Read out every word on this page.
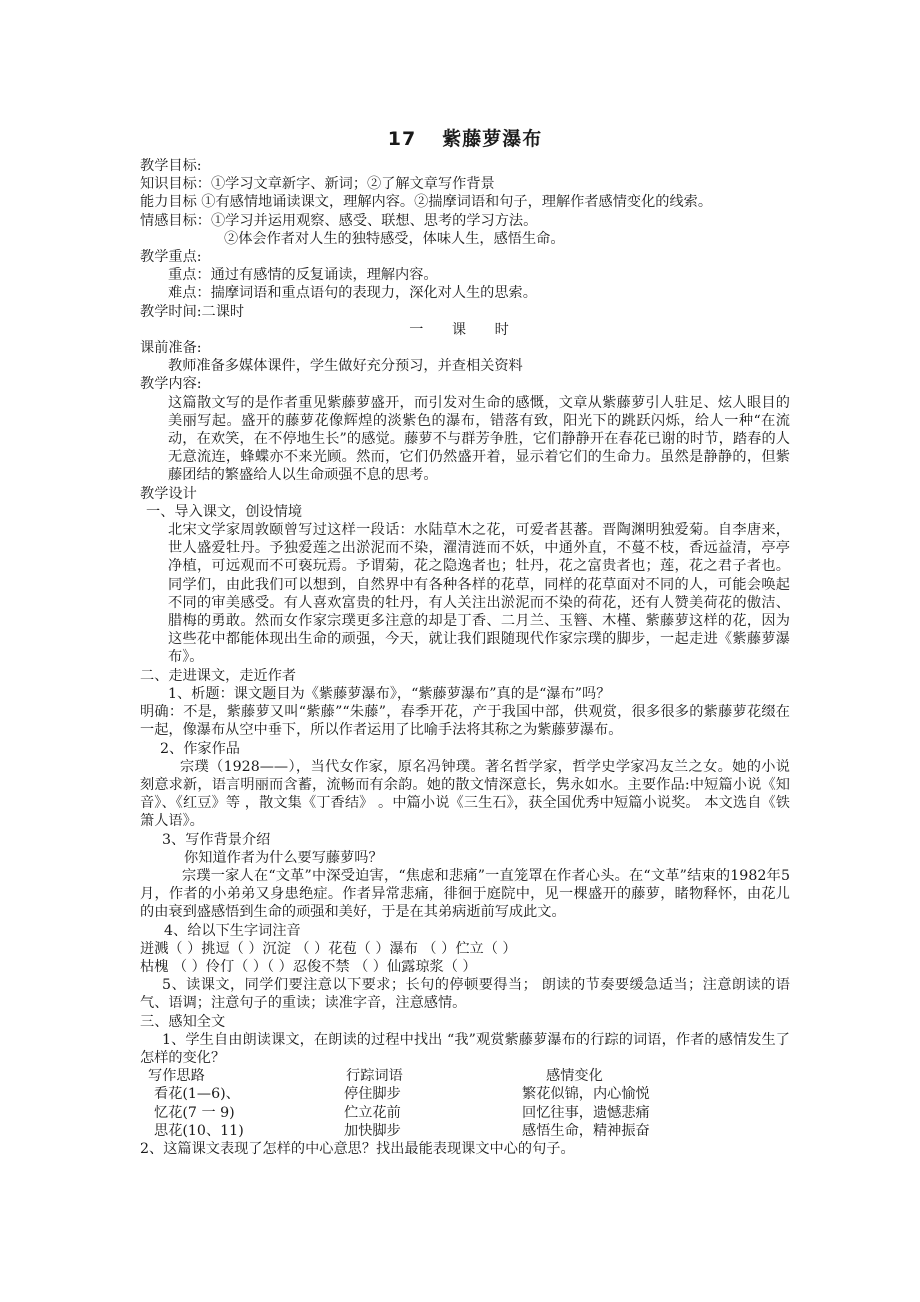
17 紫藤萝瀑布
教学目标:
知识目标：①学习文章新字、新词；②了解文章写作背景
能力目标 ①有感情地诵读课文，理解内容。②揣摩词语和句子，理解作者感情变化的线索。
情感目标：①学习并运用观察、感受、联想、思考的学习方法。
②体会作者对人生的独特感受，体味人生，感悟生命。
教学重点:
重点：通过有感情的反复诵读，理解内容。
难点：揣摩词语和重点语句的表现力，深化对人生的思索。
教学时间:二课时
一 课 时
课前准备:
教师准备多媒体课件，学生做好充分预习，并查相关资料
教学内容:
这篇散文写的是作者重见紫藤萝盛开，而引发对生命的感慨，文章从紫藤萝引人驻足、炫人眼目的美丽写起。盛开的藤萝花像辉煌的淡紫色的瀑布，错落有致，阳光下的跳跃闪烁，给人一种“在流动，在欢笑，在不停地生长”的感觉。藤萝不与群芳争胜，它们静静开在春花已谢的时节，踏春的人无意流连，蜂蝶亦不来光顾。然而，它们仍然盛开着，显示着它们的生命力。虽然是静静的，但紫藤团结的繁盛给人以生命顽强不息的思考。
教学设计
一、导入课文，创设情境
北宋文学家周敦颐曾写过这样一段话：水陆草木之花，可爱者甚蕃。晋陶渊明独爱菊。自李唐来，世人盛爱牡丹。予独爱莲之出淤泥而不染，濯清涟而不妖，中通外直，不蔓不枝，香远益清，亭亭净植，可远观而不可亵玩焉。予谓菊，花之隐逸者也；牡丹，花之富贵者也；莲，花之君子者也。同学们，由此我们可以想到，自然界中有各种各样的花草，同样的花草面对不同的人，可能会唤起不同的审美感受。有人喜欢富贵的牡丹，有人关注出淤泥而不染的荷花，还有人赞美荷花的傲洁、腊梅的勇敢。然而女作家宗璞更多注意的却是丁香、二月兰、玉簪、木槿、紫藤萝这样的花，因为这些花中都能体现出生命的顽强，今天，就让我们跟随现代作家宗璞的脚步，一起走进《紫藤萝瀑布》。
二、走进课文，走近作者
1、析题：课文题目为《紫藤萝瀑布》，“紫藤萝瀑布”真的是“瀑布”吗？
明确：不是，紫藤萝又叫“紫藤”“朱藤”，春季开花，产于我国中部，供观赏，很多很多的紫藤萝花缀在一起，像瀑布从空中垂下，所以作者运用了比喻手法将其称之为紫藤萝瀑布。
2、作家作品
宗璞（1928——），当代女作家，原名冯钟璞。著名哲学家，哲学史学家冯友兰之女。她的小说刻意求新，语言明丽而含蓄，流畅而有余韵。她的散文情深意长，隽永如水。主要作品:中短篇小说《知音》、《红豆》等 ，散文集《丁香结》 。中篇小说《三生石》，获全国优秀中短篇小说奖。 本文选自《铁箫人语》。
3、写作背景介绍
你知道作者为什么要写藤萝吗？
宗璞一家人在“文革”中深受迫害，“焦虑和悲痛”一直笼罩在作者心头。在“文革”结束的1982年5月，作者的小弟弟又身患绝症。作者异常悲痛，徘徊于庭院中，见一棵盛开的藤萝，睹物释怀，由花儿的由衰到盛感悟到生命的顽强和美好，于是在其弟病逝前写成此文。
4、给以下生字词注音
迸溅（ ）挑逗（ ）沉淀 （ ）花苞（ ）瀑布 （ ）伫立（ ）
枯槐 （ ）伶仃（ ）（ ）忍俊不禁 （ ）仙露琼浆（ ）
5、读课文，同学们要注意以下要求；长句的停顿要得当； 朗读的节奏要缓急适当；注意朗读的语气、语调；注意句子的重读；读准字音，注意感情。
三、感知全文
1、学生自由朗读课文，在朗读的过程中找出 “我”观赏紫藤萝瀑布的行踪的词语，作者的感情发生了怎样的变化？
写作思路	行踪词语	感情变化
看花(1—6)、	停住脚步	繁花似锦，内心愉悦
忆花(7 一 9)	伫立花前	回忆往事，遗憾悲痛
思花(10、11)	加快脚步	感悟生命，精神振奋
2、这篇课文表现了怎样的中心意思？找出最能表现课文中心的句子。
